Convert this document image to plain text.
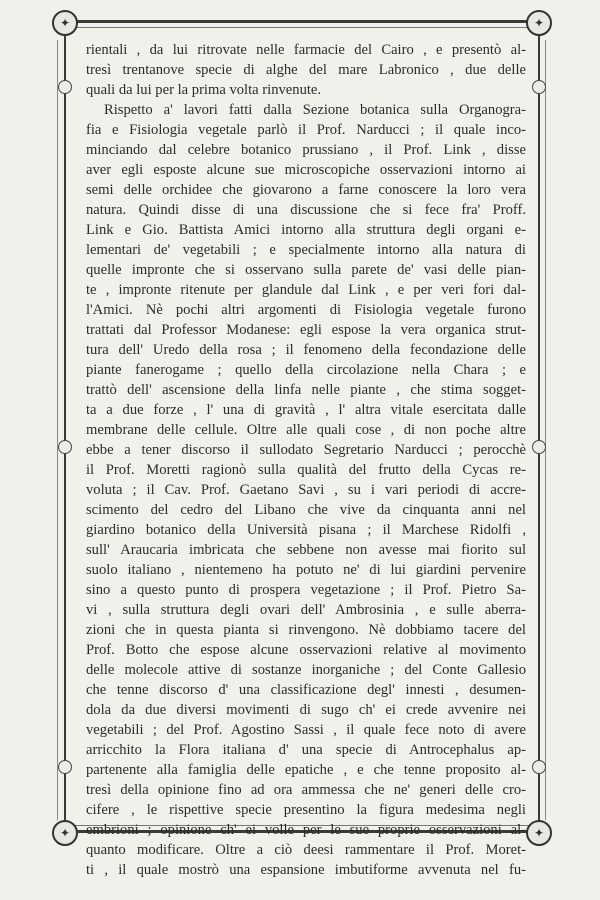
✦	✦
✦	✦
rientali , da lui ritrovate nelle farmacie del Cairo , e presentò al-
tresì trentanove specie di alghe del mare Labronico , due delle
quali da lui per la prima volta rinvenute.
Rispetto a' lavori fatti dalla Sezione botanica sulla Organogra-
fia e Fisiologia vegetale parlò il Prof. Narducci ; il quale inco-
minciando dal celebre botanico prussiano , il Prof. Link , disse
aver egli esposte alcune sue microscopiche osservazioni intorno ai
semi delle orchidee che giovarono a farne conoscere la loro vera
natura. Quindi disse di una discussione che si fece fra' Proff.
Link e Gio. Battista Amici intorno alla struttura degli organi e-
lementari de' vegetabili ; e specialmente intorno alla natura di
quelle impronte che si osservano sulla parete de' vasi delle pian-
te , impronte ritenute per glandule dal Link , e per veri fori dal-
l'Amici. Nè pochi altri argomenti di Fisiologia vegetale furono
trattati dal Professor Modanese: egli espose la vera organica strut-
tura dell' Uredo della rosa ; il fenomeno della fecondazione delle
piante fanerogame ; quello della circolazione nella Chara ; e
trattò dell' ascensione della linfa nelle piante , che stima sogget-
ta a due forze , l' una di gravità , l' altra vitale esercitata dalle
membrane delle cellule. Oltre alle quali cose , di non poche altre
ebbe a tener discorso il sullodato Segretario Narducci ; perocchè
il Prof. Moretti ragionò sulla qualità del frutto della Cycas re-
voluta ; il Cav. Prof. Gaetano Savi , su i vari periodi di accre-
scimento del cedro del Libano che vive da cinquanta anni nel
giardino botanico della Università pisana ; il Marchese Ridolfi ,
sull' Araucaria imbricata che sebbene non avesse mai fiorito sul
suolo italiano , nientemeno ha potuto ne' di lui giardini pervenire
sino a questo punto di prospera vegetazione ; il Prof. Pietro Sa-
vi , sulla struttura degli ovari dell' Ambrosinia , e sulle aberra-
zioni che in questa pianta si rinvengono. Nè dobbiamo tacere del
Prof. Botto che espose alcune osservazioni relative al movimento
delle molecole attive di sostanze inorganiche ; del Conte Gallesio
che tenne discorso d' una classificazione degl' innesti , desumen-
dola da due diversi movimenti di sugo ch' ei crede avvenire nei
vegetabili ; del Prof. Agostino Sassi , il quale fece noto di avere
arricchito la Flora italiana d' una specie di Antrocephalus ap-
partenente alla famiglia delle epatiche , e che tenne proposito al-
tresì della opinione fino ad ora ammessa che ne' generi delle cro-
cifere , le rispettive specie presentino la figura medesima negli
embrioni ; opinione ch' ei volle per le sue proprie osservazioni al-
quanto modificare. Oltre a ciò deesi rammentare il Prof. Moret-
ti , il quale mostrò una espansione imbutiforme avvenuta nel fu-
